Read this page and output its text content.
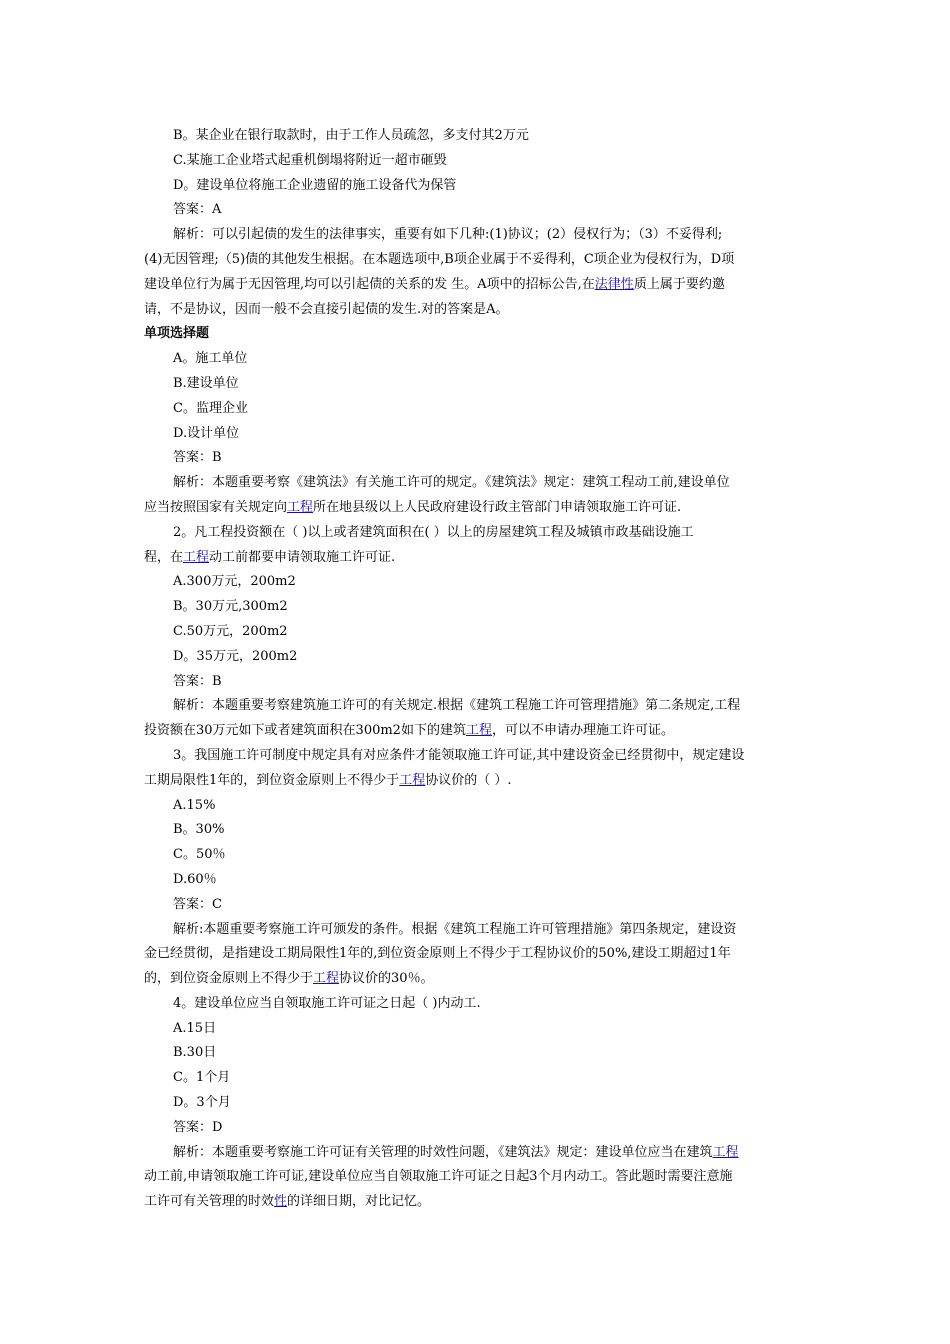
B。某企业在银行取款时，由于工作人员疏忽，多支付其2万元
C.某施工企业塔式起重机倒塌将附近一超市砸毁
D。建设单位将施工企业遗留的施工设备代为保管
答案：A
解析：可以引起债的发生的法律事实，重要有如下几种:(1)协议；(2）侵权行为；（3）不妥得利;
(4)无因管理;（5)债的其他发生根据。在本题选项中,B项企业属于不妥得利，C项企业为侵权行为，D项
建设单位行为属于无因管理,均可以引起债的关系的发 生。A项中的招标公告,在法律性质上属于要约邀
请，不是协议，因而一般不会直接引起债的发生.对的答案是A。
单项选择题
A。施工单位
B.建设单位
C。监理企业
D.设计单位
答案：B
解析：本题重要考察《建筑法》有关施工许可的规定。《建筑法》规定：建筑工程动工前,建设单位
应当按照国家有关规定向工程所在地县级以上人民政府建设行政主管部门申请领取施工许可证.
2。凡工程投资额在（ )以上或者建筑面积在( ）以上的房屋建筑工程及城镇市政基础设施工
程，在工程动工前都要申请领取施工许可证.
A.300万元，200m2
B。30万元,300m2
C.50万元，200m2
D。35万元，200m2
答案：B
解析：本题重要考察建筑施工许可的有关规定.根据《建筑工程施工许可管理措施》第二条规定,工程
投资额在30万元如下或者建筑面积在300m2如下的建筑工程，可以不申请办理施工许可证。
3。我国施工许可制度中规定具有对应条件才能领取施工许可证,其中建设资金已经贯彻中，规定建设
工期局限性1年的，到位资金原则上不得少于工程协议价的（ ）.
A.15%
B。30%
C。50％
D.60％
答案：C
解析:本题重要考察施工许可颁发的条件。根据《建筑工程施工许可管理措施》第四条规定，建设资
金已经贯彻，是指建设工期局限性1年的,到位资金原则上不得少于工程协议价的50%,建设工期超过1年
的，到位资金原则上不得少于工程协议价的30％。
4。建设单位应当自领取施工许可证之日起（ )内动工.
A.15日
B.30日
C。1个月
D。3个月
答案：D
解析：本题重要考察施工许可证有关管理的时效性问题，《建筑法》规定：建设单位应当在建筑工程
动工前,申请领取施工许可证,建设单位应当自领取施工许可证之日起3个月内动工。答此题时需要注意施
工许可有关管理的时效性的详细日期，对比记忆。
